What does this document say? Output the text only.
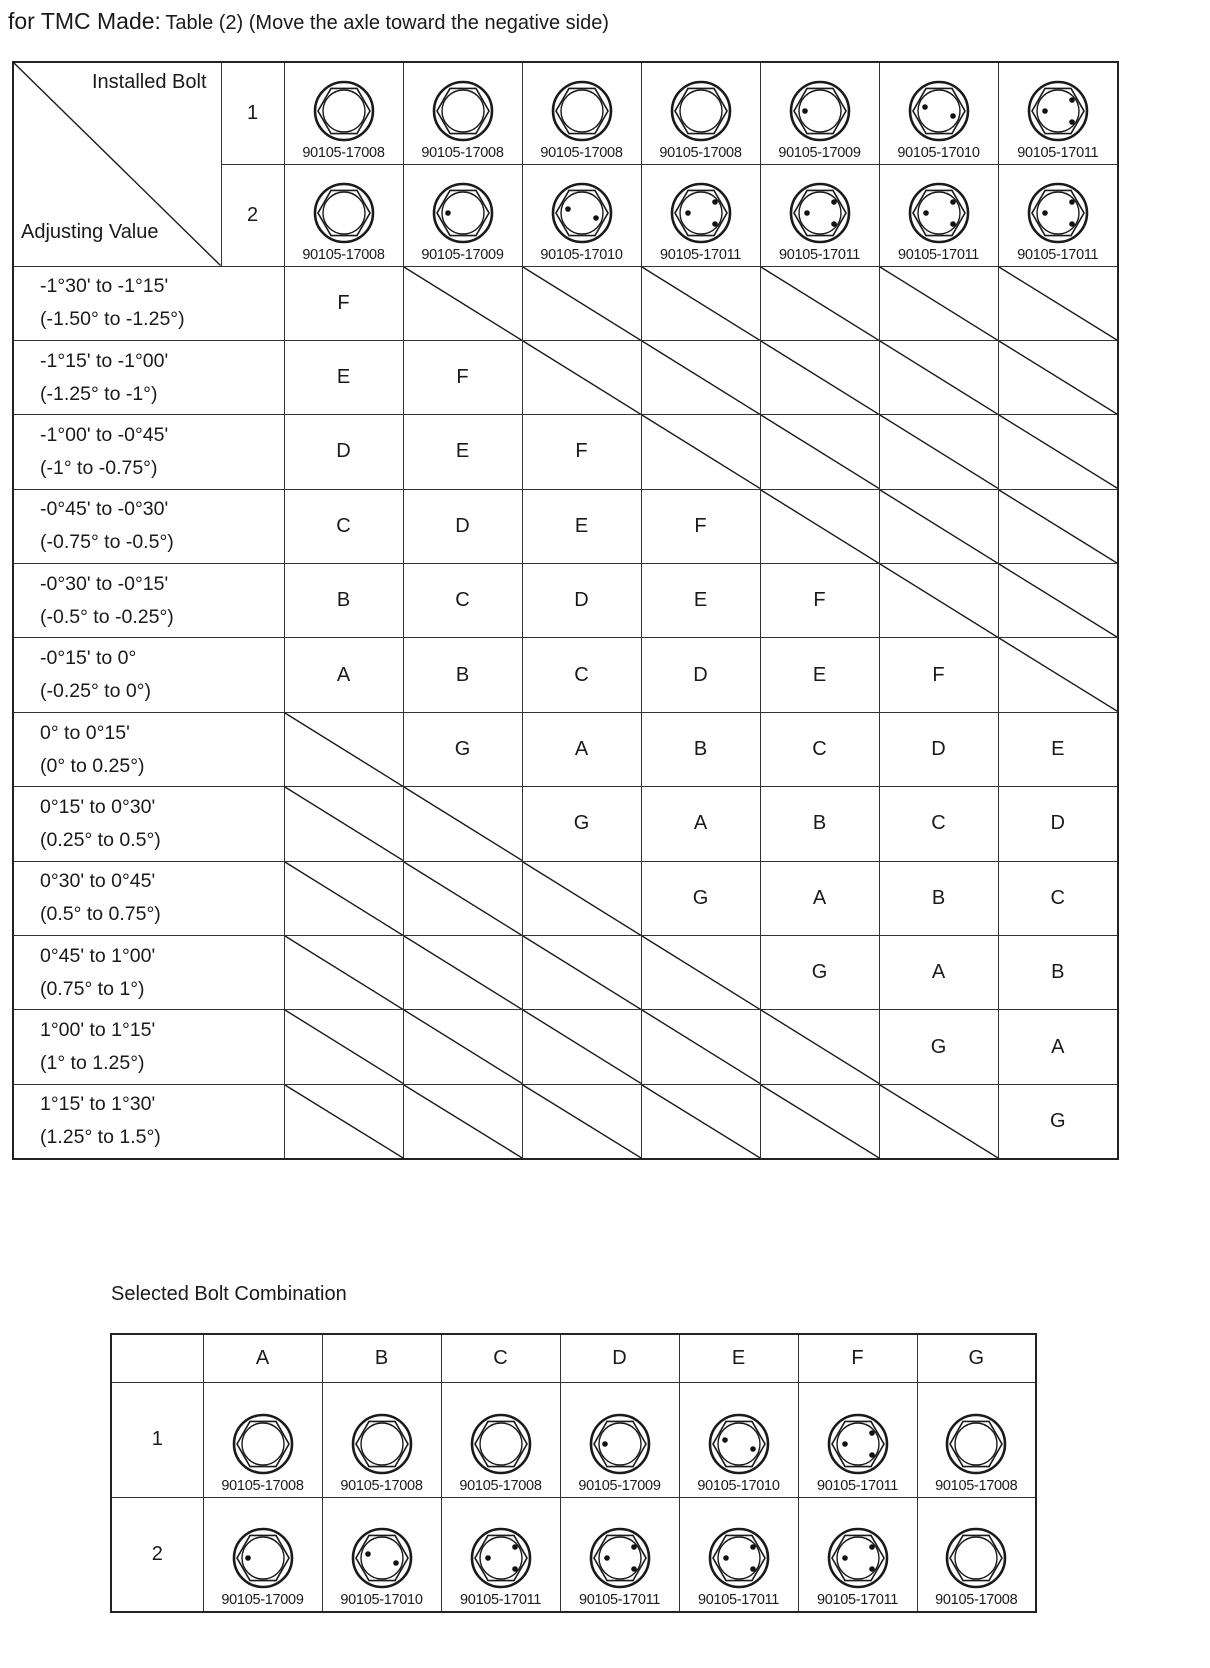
for TMC Made: Table (2) (Move the axle toward the negative side)
Installed Bolt
Adjusting Value	1	90105-17008	90105-17008	90105-17008	90105-17008	90105-17009	90105-17010	90105-17011

	2	90105-17008	90105-17009	90105-17010	90105-17011	90105-17011	90105-17011	90105-17011

-1°30' to -1°15'
(-1.50° to -1.25°)		F	

-1°15' to -1°00'
(-1.25° to -1°)		E	F	

-1°00' to -0°45'
(-1° to -0.75°)		D	E	F	

-0°45' to -0°30'
(-0.75° to -0.5°)		C	D	E	F	

-0°30' to -0°15'
(-0.5° to -0.25°)		B	C	D	E	F	

-0°15' to 0°
(-0.25° to 0°)		A	B	C	D	E	F	

0° to 0°15'
(0° to 0.25°)			G	A	B	C	D	E

0°15' to 0°30'
(0.25° to 0.5°)				G	A	B	C	D

0°30' to 0°45'
(0.5° to 0.75°)					G	A	B	C

0°45' to 1°00'
(0.75° to 1°)						G	A	B

1°00' to 1°15'
(1° to 1.25°)							G	A

1°15' to 1°30'
(1.25° to 1.5°)								G
Selected Bolt Combination
	A	B	C	D	E	F	G
1	90105-17008	90105-17008	90105-17008	90105-17009	90105-17010	90105-17011	90105-17008

2	90105-17009	90105-17010	90105-17011	90105-17011	90105-17011	90105-17011	90105-17008
